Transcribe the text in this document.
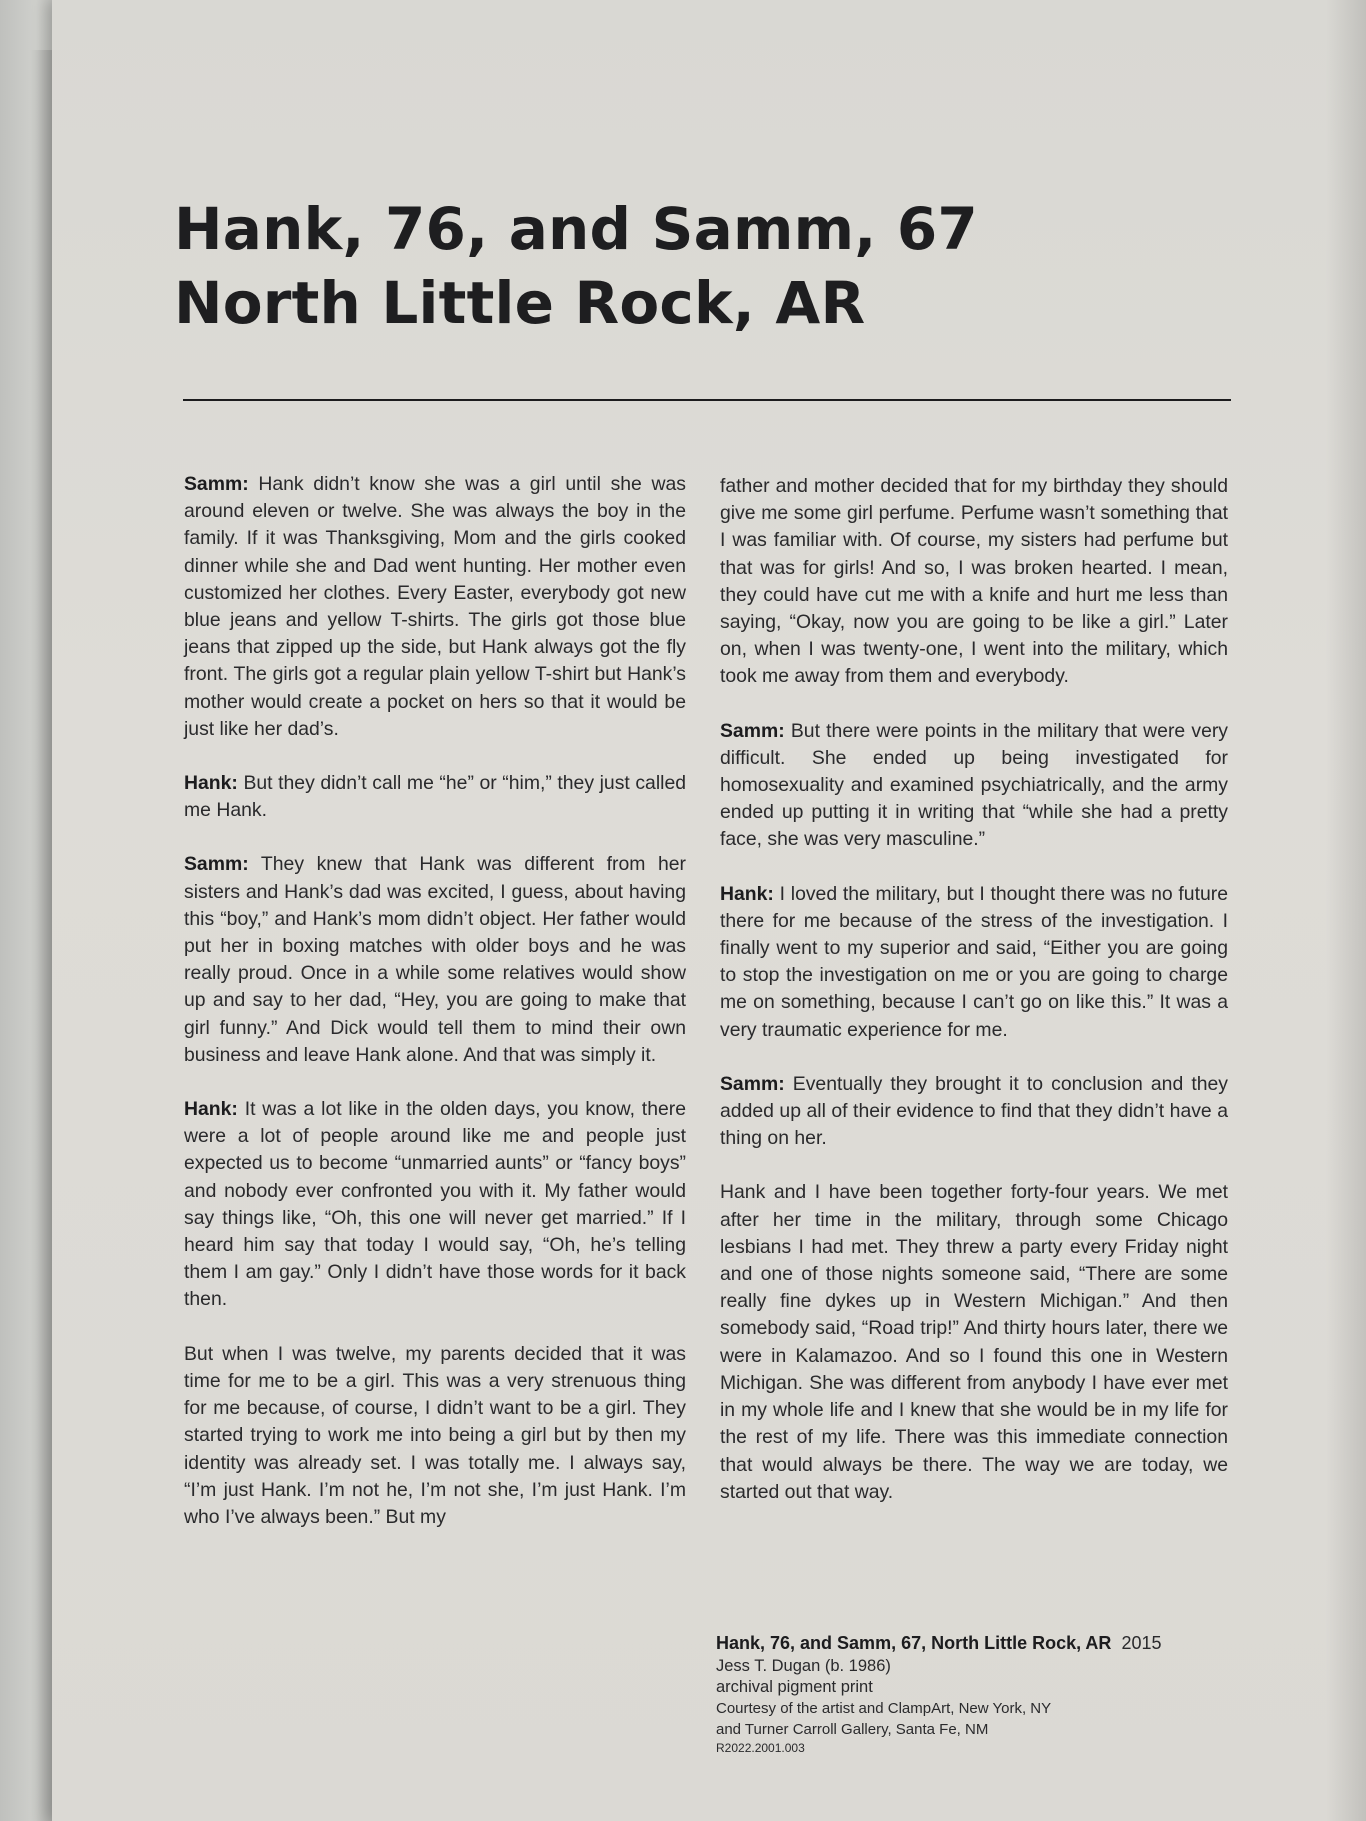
Hank, 76, and Samm, 67
North Little Rock, AR

Samm: Hank didn’t know she was a girl until she was around eleven or twelve. She was always the boy in the family. If it was Thanksgiving, Mom and the girls cooked dinner while she and Dad went hunting. Her mother even customized her clothes. Every Easter, everybody got new blue jeans and yellow T-shirts. The girls got those blue jeans that zipped up the side, but Hank always got the fly front. The girls got a regular plain yellow T-shirt but Hank’s mother would create a pocket on hers so that it would be just like her dad’s.

Hank: But they didn’t call me “he” or “him,” they just called me Hank.

Samm: They knew that Hank was different from her sisters and Hank’s dad was excited, I guess, about having this “boy,” and Hank’s mom didn’t object. Her father would put her in boxing matches with older boys and he was really proud. Once in a while some relatives would show up and say to her dad, “Hey, you are going to make that girl funny.” And Dick would tell them to mind their own business and leave Hank alone. And that was simply it.

Hank: It was a lot like in the olden days, you know, there were a lot of people around like me and people just expected us to become “unmarried aunts” or “fancy boys” and nobody ever confronted you with it. My father would say things like, “Oh, this one will never get married.” If I heard him say that today I would say, “Oh, he’s telling them I am gay.” Only I didn’t have those words for it back then.

But when I was twelve, my parents decided that it was time for me to be a girl. This was a very strenuous thing for me because, of course, I didn’t want to be a girl. They started trying to work me into being a girl but by then my identity was already set. I was totally me. I always say, “I’m just Hank. I’m not he, I’m not she, I’m just Hank. I’m who I’ve always been.” But my

father and mother decided that for my birthday they should give me some girl perfume. Perfume wasn’t something that I was familiar with. Of course, my sisters had perfume but that was for girls! And so, I was broken hearted. I mean, they could have cut me with a knife and hurt me less than saying, “Okay, now you are going to be like a girl.” Later on, when I was twenty-one, I went into the military, which took me away from them and everybody.

Samm: But there were points in the military that were very difficult. She ended up being investigated for homosexuality and examined psychiatrically, and the army ended up putting it in writing that “while she had a pretty face, she was very masculine.”

Hank: I loved the military, but I thought there was no future there for me because of the stress of the investigation. I finally went to my superior and said, “Either you are going to stop the investigation on me or you are going to charge me on something, because I can’t go on like this.” It was a very traumatic experience for me.

Samm: Eventually they brought it to conclusion and they added up all of their evidence to find that they didn’t have a thing on her.

Hank and I have been together forty-four years. We met after her time in the military, through some Chicago lesbians I had met. They threw a party every Friday night and one of those nights someone said, “There are some really fine dykes up in Western Michigan.” And then somebody said, “Road trip!” And thirty hours later, there we were in Kalamazoo. And so I found this one in Western Michigan. She was different from anybody I have ever met in my whole life and I knew that she would be in my life for the rest of my life. There was this immediate connection that would always be there. The way we are today, we started out that way.

Hank, 76, and Samm, 67, North Little Rock, AR 2015
Jess T. Dugan (b. 1986)
archival pigment print
Courtesy of the artist and ClampArt, New York, NY
and Turner Carroll Gallery, Santa Fe, NM
R2022.2001.003
